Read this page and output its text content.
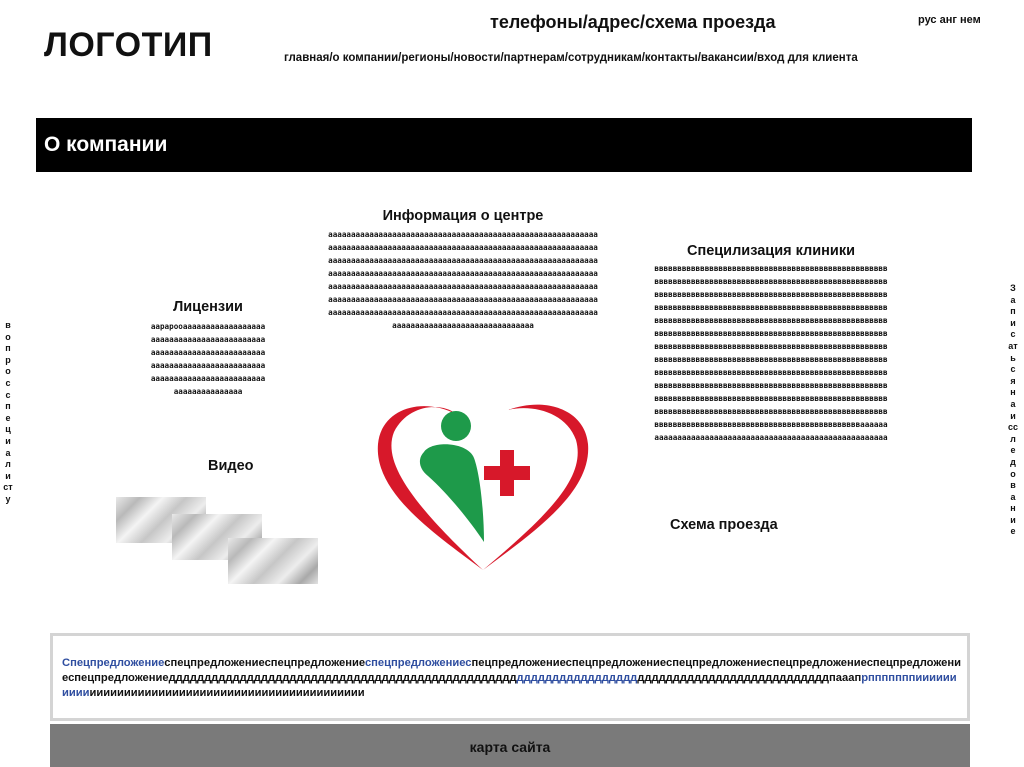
ЛОГОТИП
телефоны/адрес/схема проезда	рус анг нем
главная/о компании/регионы/новости/партнерам/сотрудникам/контакты/вакансии/вход для клиента
О компании
Информация о центре
аааааааааааааааааааааааааааааааааааааааааааааааааааааааааааааааааааааааааааааааааааааааааааааааааааааааааааааааааааааааааааааааааааааааааааааааааааааааааааааааааааааааааааааааааааааааааааааааааааааааааааааааааааааааааааааааааааааааааааааааааааааааааааааааааааааааааааааааааааааааааааааааааааааааааааааааааааааааааааааааааааааааааааааааааааааааааааааааааааааааааааааааааааааааааааааааааааааааааааааааааааааааааааааааааааааааааааааааааааааааааааа
Лицензии
аарарооааааааааааааааааааааааааааааааааааааааааааааааааааааааааааааааааааааааааааааааааааааааааааааааааааааааааааааааааааааааааааааааааааааа
Специлизация клиники
вввввввввввввввввввввввввввввввввввввввввввввввввввввввввввввввввввввввввввввввввввввввввввввввввввввввввввввввввввввввввввввввввввввввввввввввввввввввввввввввввввввввввввввввввввввввввввввввввввввввввввввввввввввввввввввввввввввввввввввввввввввввввввввввввввввввввввввввввввввввввввввввввввввввввввввввввввввввввввввввввввввввввввввввввввввввввввввввввввввввввввввввввввввввввввввввввввввввввввввввввввввввввввввввввввввввввввввввввввввввввввввввввввввввввввввввввввввввввввввввввввввввввввввввввввввввввввввввввввввввввввввввввввввввввввввввввввввввввввввввввввввввввввввввввввввввввввввввввввввввввввввввввввввввввввввввввввввввввввввввввввввввввввввввввааааааааааааааааааааааааааааааааааааааааааааааааааааааааа
Видео
Схема проезда
вопросспециалисту
Записатьсянаисследование
Спецпредложениеспецпредложениеспецпредложениеспецпредложениеспецпредложениеспецпредложениеспецпредложениеспецпредложениеспецпредложениеспецпредложениедддддддддддддддддддддддддддддддддддддддддддддддддддддддддддддддддддддддддддддддддддддддддддддпааапрпппппппииииииииииииииииииииииииииииииииииииииииииииииииии
карта сайта
